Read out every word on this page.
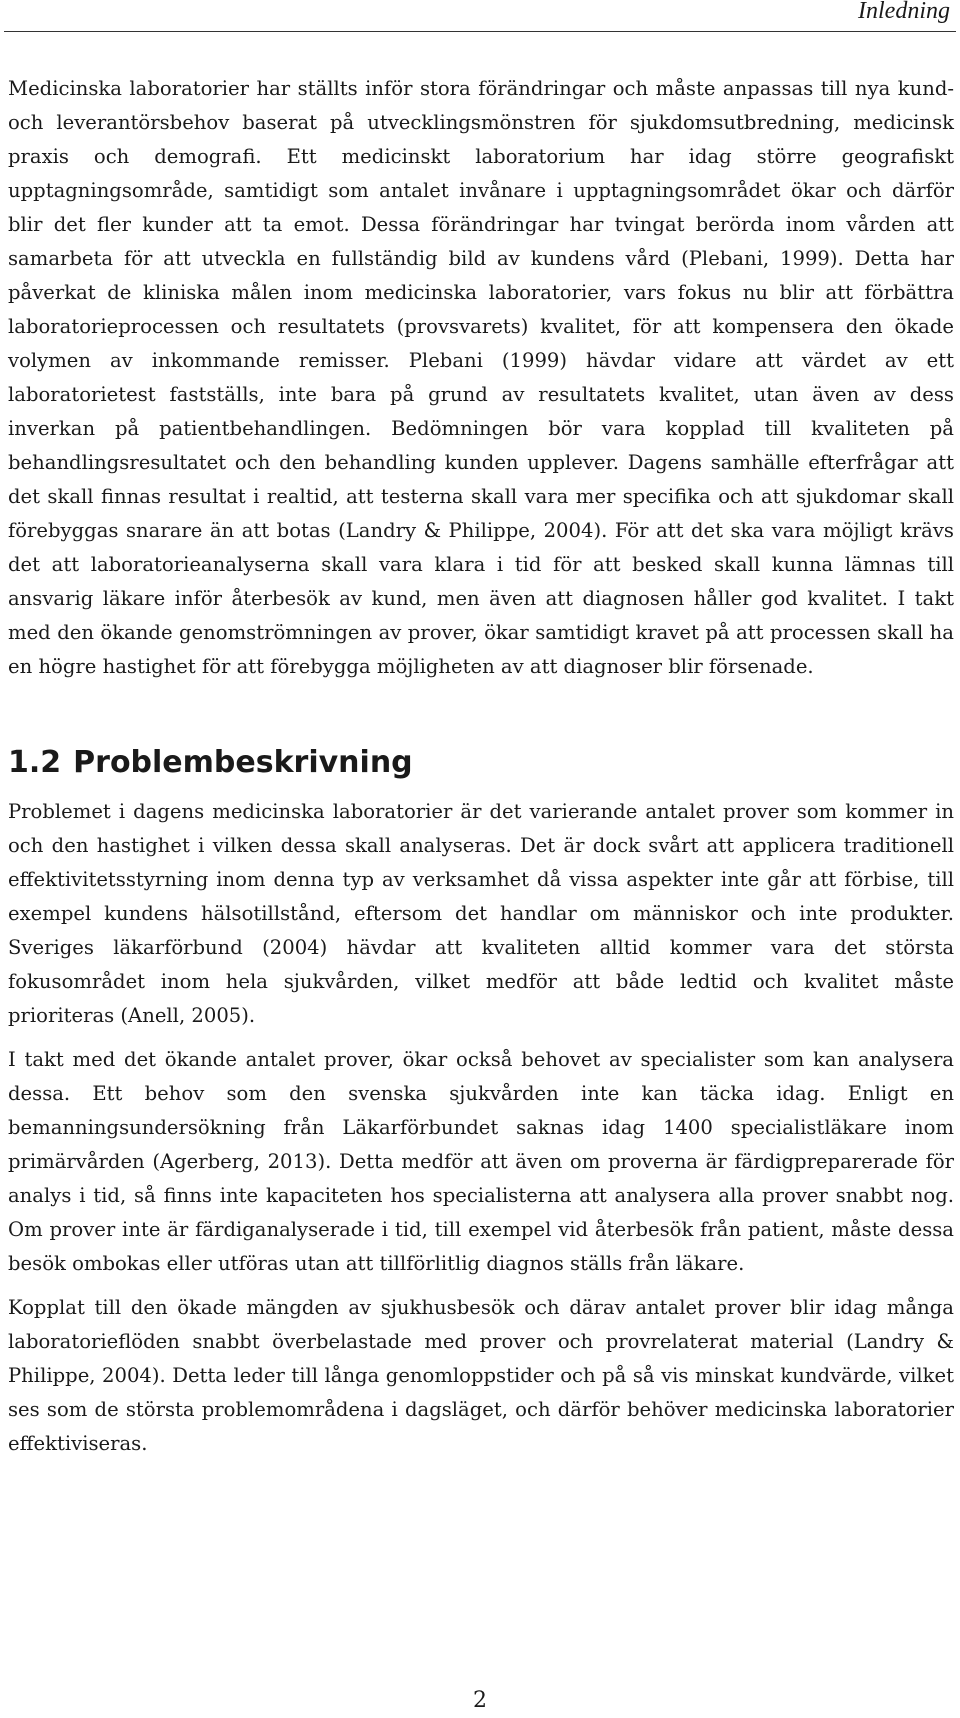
Inledning

Medicinska laboratorier har ställts inför stora förändringar och måste anpassas till nya kund- och leverantörsbehov baserat på utvecklingsmönstren för sjukdomsutbredning, medicinsk praxis och demografi. Ett medicinskt laboratorium har idag större geografiskt upptagningsområde, samtidigt som antalet invånare i upptagningsområdet ökar och därför blir det fler kunder att ta emot. Dessa förändringar har tvingat berörda inom vården att samarbeta för att utveckla en fullständig bild av kundens vård (Plebani, 1999). Detta har påverkat de kliniska målen inom medicinska laboratorier, vars fokus nu blir att förbättra laboratorieprocessen och resultatets (provsvarets) kvalitet, för att kompensera den ökade volymen av inkommande remisser. Plebani (1999) hävdar vidare att värdet av ett laboratorietest fastställs, inte bara på grund av resultatets kvalitet, utan även av dess inverkan på patientbehandlingen. Bedömningen bör vara kopplad till kvaliteten på behandlingsresultatet och den behandling kunden upplever. Dagens samhälle efterfrågar att det skall finnas resultat i realtid, att testerna skall vara mer specifika och att sjukdomar skall förebyggas snarare än att botas (Landry & Philippe, 2004). För att det ska vara möjligt krävs det att laboratorieanalyserna skall vara klara i tid för att besked skall kunna lämnas till ansvarig läkare inför återbesök av kund, men även att diagnosen håller god kvalitet. I takt med den ökande genomströmningen av prover, ökar samtidigt kravet på att processen skall ha en högre hastighet för att förebygga möjligheten av att diagnoser blir försenade.

1.2 Problembeskrivning

Problemet i dagens medicinska laboratorier är det varierande antalet prover som kommer in och den hastighet i vilken dessa skall analyseras. Det är dock svårt att applicera traditionell effektivitetsstyrning inom denna typ av verksamhet då vissa aspekter inte går att förbise, till exempel kundens hälsotillstånd, eftersom det handlar om människor och inte produkter. Sveriges läkarförbund (2004) hävdar att kvaliteten alltid kommer vara det största fokusområdet inom hela sjukvården, vilket medför att både ledtid och kvalitet måste prioriteras (Anell, 2005).

I takt med det ökande antalet prover, ökar också behovet av specialister som kan analysera dessa. Ett behov som den svenska sjukvården inte kan täcka idag. Enligt en bemanningsundersökning från Läkarförbundet saknas idag 1400 specialistläkare inom primärvården (Agerberg, 2013). Detta medför att även om proverna är färdigpreparerade för analys i tid, så finns inte kapaciteten hos specialisterna att analysera alla prover snabbt nog. Om prover inte är färdiganalyserade i tid, till exempel vid återbesök från patient, måste dessa besök ombokas eller utföras utan att tillförlitlig diagnos ställs från läkare.

Kopplat till den ökade mängden av sjukhusbesök och därav antalet prover blir idag många laboratorieflöden snabbt överbelastade med prover och provrelaterat material (Landry & Philippe, 2004). Detta leder till långa genomloppstider och på så vis minskat kundvärde, vilket ses som de största problemområdena i dagsläget, och därför behöver medicinska laboratorier effektiviseras.

2
